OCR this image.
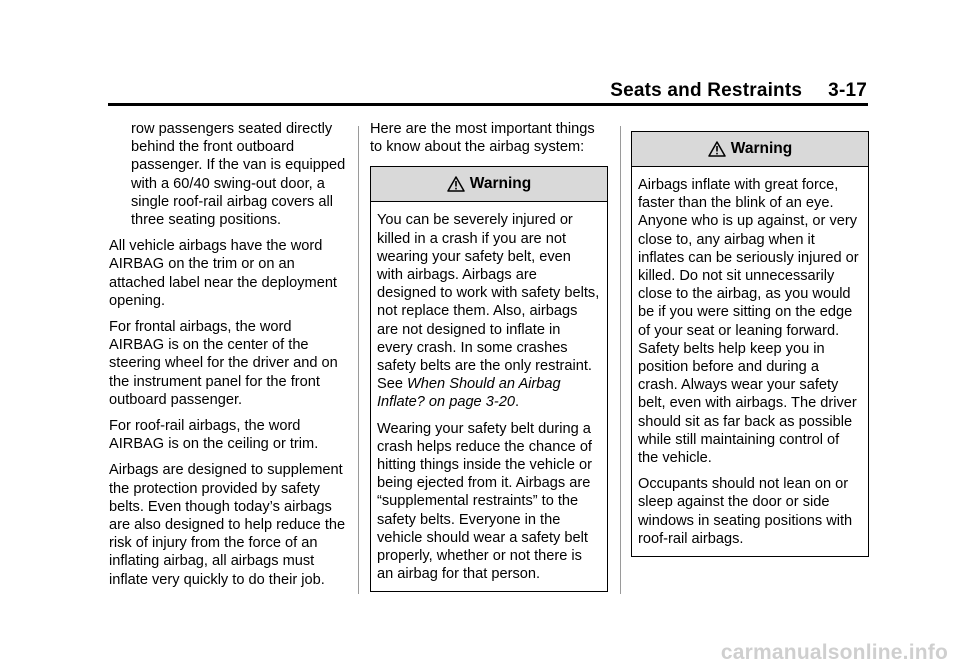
Seats and Restraints 3-17

row passengers seated directly behind the front outboard passenger. If the van is equipped with a 60/40 swing-out door, a single roof-rail airbag covers all three seating positions.

All vehicle airbags have the word AIRBAG on the trim or on an attached label near the deployment opening.

For frontal airbags, the word AIRBAG is on the center of the steering wheel for the driver and on the instrument panel for the front outboard passenger.

For roof-rail airbags, the word AIRBAG is on the ceiling or trim.

Airbags are designed to supplement the protection provided by safety belts. Even though today’s airbags are also designed to help reduce the risk of injury from the force of an inflating airbag, all airbags must inflate very quickly to do their job.

Here are the most important things to know about the airbag system:

Warning

You can be severely injured or killed in a crash if you are not wearing your safety belt, even with airbags. Airbags are designed to work with safety belts, not replace them. Also, airbags are not designed to inflate in every crash. In some crashes safety belts are the only restraint. See When Should an Airbag Inflate? on page 3-20.

Wearing your safety belt during a crash helps reduce the chance of hitting things inside the vehicle or being ejected from it. Airbags are “supplemental restraints” to the safety belts. Everyone in the vehicle should wear a safety belt properly, whether or not there is an airbag for that person.

Warning

Airbags inflate with great force, faster than the blink of an eye. Anyone who is up against, or very close to, any airbag when it inflates can be seriously injured or killed. Do not sit unnecessarily close to the airbag, as you would be if you were sitting on the edge of your seat or leaning forward. Safety belts help keep you in position before and during a crash. Always wear your safety belt, even with airbags. The driver should sit as far back as possible while still maintaining control of the vehicle.

Occupants should not lean on or sleep against the door or side windows in seating positions with roof-rail airbags.

carmanualsonline.info
